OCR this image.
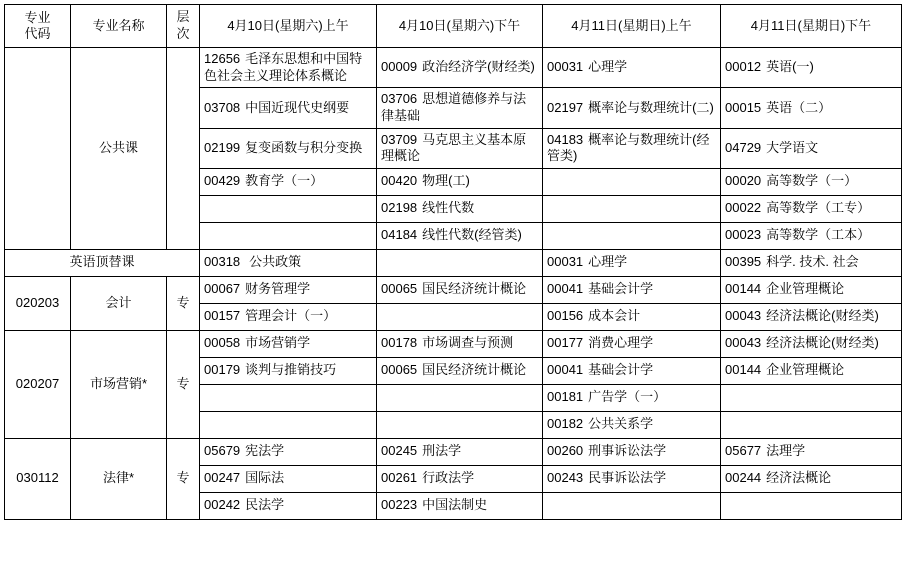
专业
代码	专业名称	层次	4月10日(星期六)上午	4月10日(星期六)下午	4月11日(星期日)上午	4月11日(星期日)下午
	公共课		12656 毛泽东思想和中国特色社会主义理论体系概论	00009 政治经济学(财经类)	00031 心理学	00012 英语(一)
			03708 中国近现代史纲要	03706 思想道德修养与法律基础	02197 概率论与数理统计(二)	00015 英语（二）
			02199 复变函数与积分变换	03709 马克思主义基本原理概论	04183 概率论与数理统计(经管类)	04729 大学语文
			00429 教育学（一）	00420 物理(工)		00020 高等数学（一）
				02198 线性代数		00022 高等数学（工专）
				04184 线性代数(经管类)		00023 高等数学（工本）
英语顶替课			00318 公共政策		00031 心理学	00395 科学. 技术. 社会
020203	会计	专	00067 财务管理学	00065 国民经济统计概论	00041 基础会计学	00144 企业管理概论
			00157 管理会计（一）		00156 成本会计	00043 经济法概论(财经类)
020207	市场营销*	专	00058 市场营销学	00178 市场调查与预测	00177 消费心理学	00043 经济法概论(财经类)
			00179 谈判与推销技巧	00065 国民经济统计概论	00041 基础会计学	00144 企业管理概论
					00181 广告学（一）	
					00182 公共关系学	
030112	法律*	专	05679 宪法学	00245 刑法学	00260 刑事诉讼法学	05677 法理学
			00247 国际法	00261 行政法学	00243 民事诉讼法学	00244 经济法概论
			00242 民法学	00223 中国法制史		
